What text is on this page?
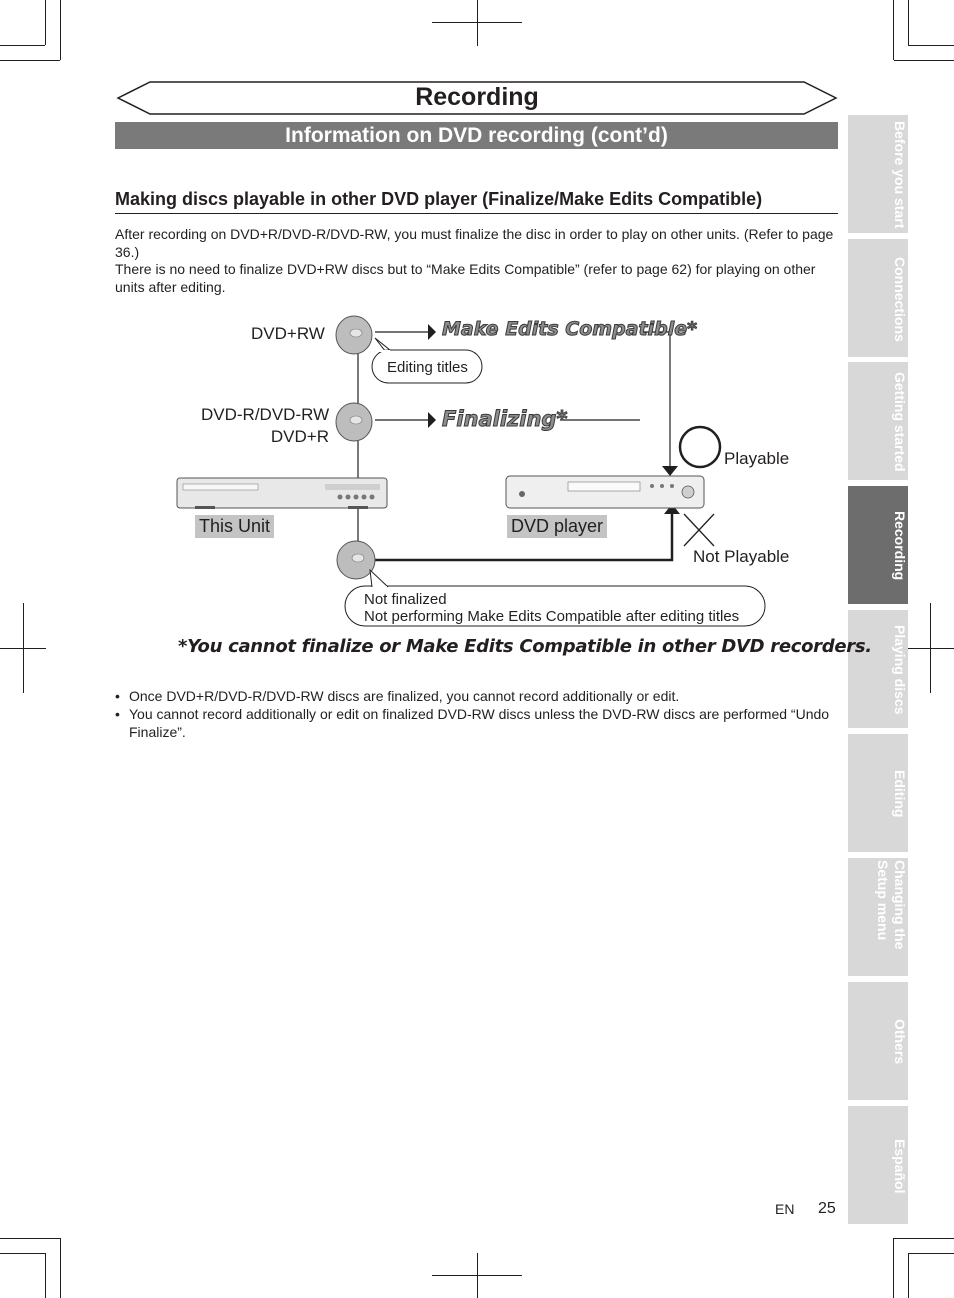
Recording
Information on DVD recording (cont’d)
Making discs playable in other DVD player (Finalize/Make Edits Compatible)
After recording on DVD+R/DVD-R/DVD-RW, you must finalize the disc in order to play on other units. (Refer to page 36.)
There is no need to finalize DVD+RW discs but to “Make Edits Compatible” (refer to page 62) for playing on other units after editing.
Before you start
Connections
Getting started
Recording
Playing discs
Editing
Changing the Setup menu
Others
Español
DVD+RW
DVD-R/DVD-RW
DVD+R
Make Edits Compatible*
Finalizing*
Editing titles
Playable
Not Playable
This Unit	DVD player
Not finalized
Not performing Make Edits Compatible after editing titles
*You cannot finalize or Make Edits Compatible in other DVD recorders.
• Once DVD+R/DVD-R/DVD-RW discs are finalized, you cannot record additionally or edit.
• You cannot record additionally or edit on finalized DVD-RW discs unless the DVD-RW discs are performed “Undo Finalize”.
EN 25
